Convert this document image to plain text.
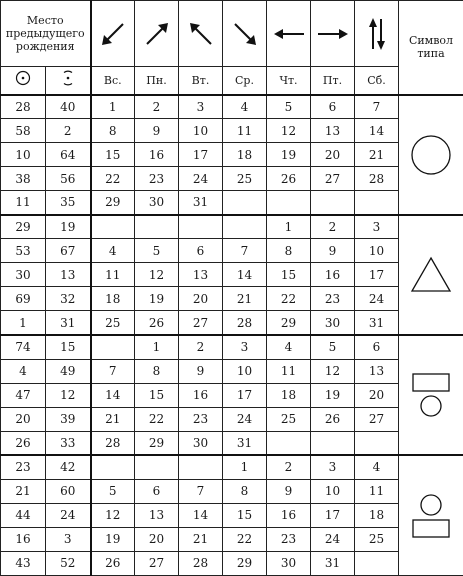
Место предыдущего рождения									Символ типа
		Вс.	Пн.	Вт.	Ср.	Чт.	Пт.	Сб.	
28	40	1	2	3	4	5	6	7	

58	2	8	9	10	11	12	13	14	
10	64	15	16	17	18	19	20	21	
38	56	22	23	24	25	26	27	28	
11	35	29	30	31					
29	19					1	2	3	

53	67	4	5	6	7	8	9	10	
30	13	11	12	13	14	15	16	17	
69	32	18	19	20	21	22	23	24	
1	31	25	26	27	28	29	30	31	
74	15		1	2	3	4	5	6	

4	49	7	8	9	10	11	12	13	
47	12	14	15	16	17	18	19	20	
20	39	21	22	23	24	25	26	27	
26	33	28	29	30	31				
23	42				1	2	3	4	

21	60	5	6	7	8	9	10	11	
44	24	12	13	14	15	16	17	18	
16	3	19	20	21	22	23	24	25	
43	52	26	27	28	29	30	31		
